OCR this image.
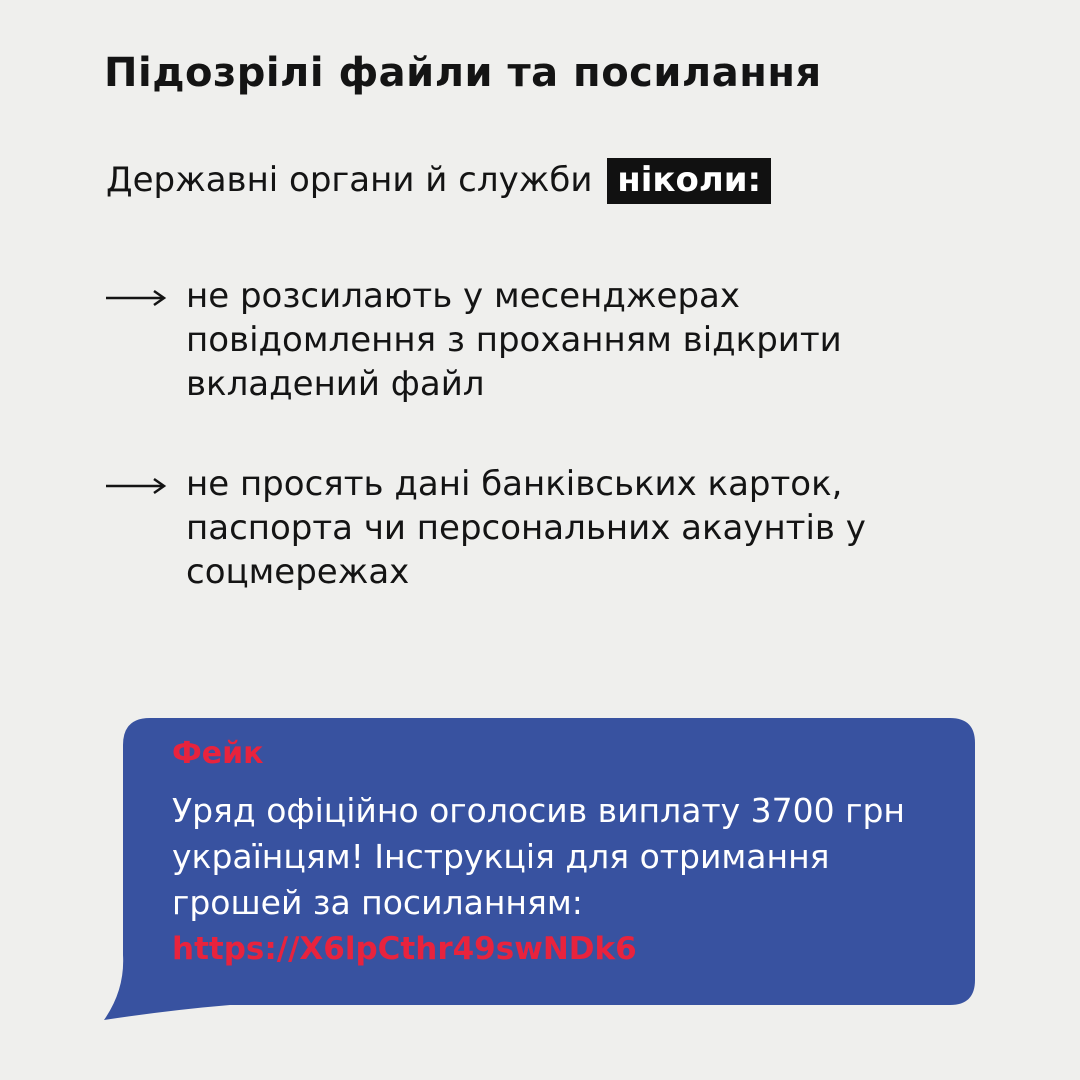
Підозрілі файли та посилання
Державні органи й служби ніколи:
не розсилають у месенджерах повідомлення з проханням відкрити вкладений файл
не просять дані банківських карток, паспорта чи персональних акаунтів у соцмережах
Фейк
Уряд офіційно оголосив виплату 3700 грн українцям! Інструкція для отримання грошей за посиланням:
https://X6lpCthr49swNDk6
